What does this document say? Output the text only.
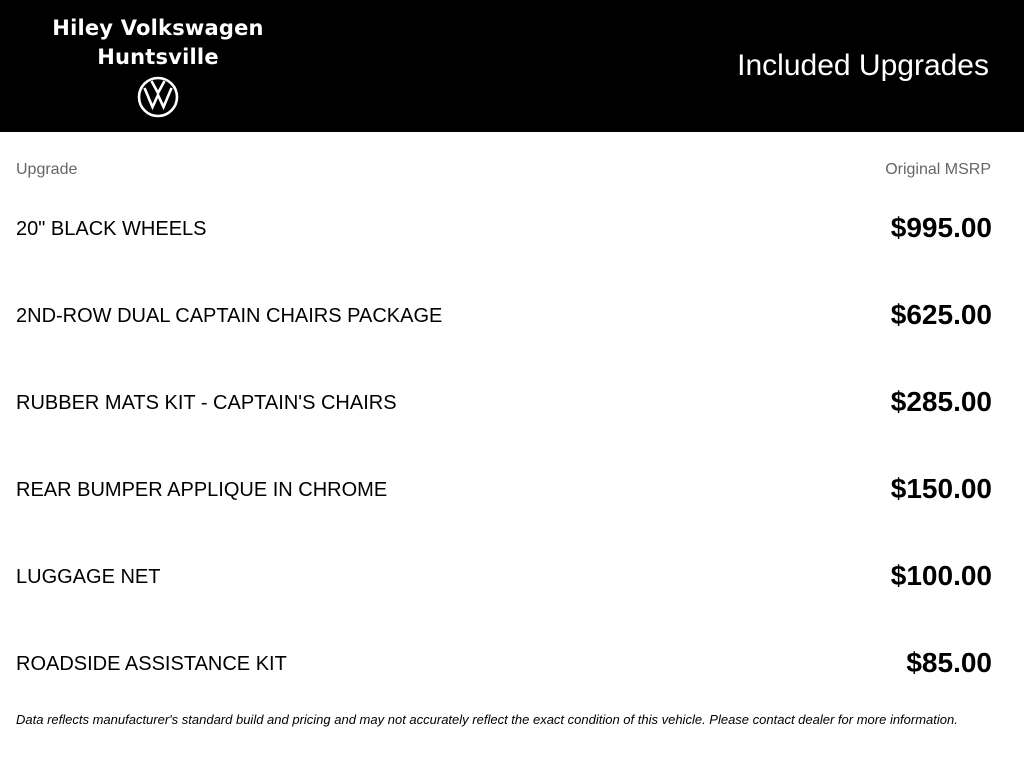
Hiley Volkswagen
Huntsville	Included Upgrades
Upgrade	Original MSRP
20" BLACK WHEELS	$995.00
2ND-ROW DUAL CAPTAIN CHAIRS PACKAGE	$625.00
RUBBER MATS KIT - CAPTAIN'S CHAIRS	$285.00
REAR BUMPER APPLIQUE IN CHROME	$150.00
LUGGAGE NET	$100.00
ROADSIDE ASSISTANCE KIT	$85.00
Data reflects manufacturer's standard build and pricing and may not accurately reflect the exact condition of this vehicle. Please contact dealer for more information.
